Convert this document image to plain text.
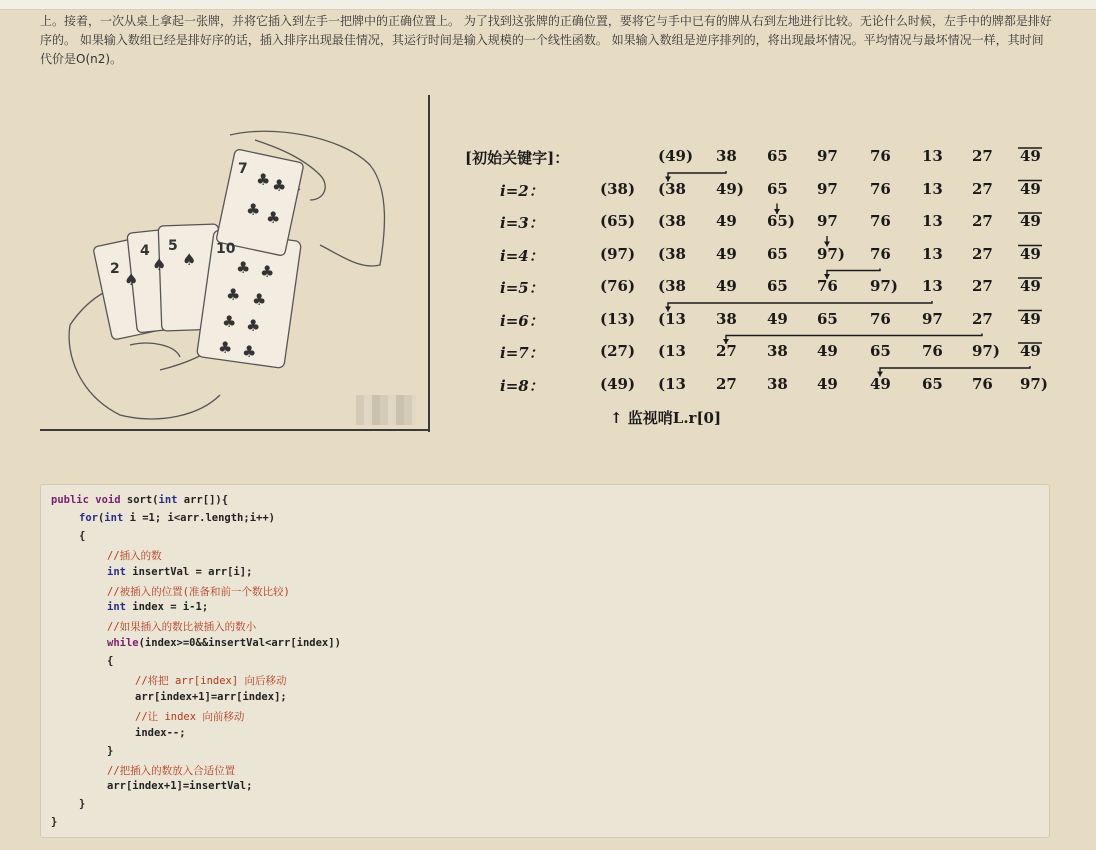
上。接着，一次从桌上拿起一张牌，并将它插入到左手一把牌中的正确位置上。 为了找到这张牌的正确位置，要将它与手中已有的牌从右到左地进行比较。无论什么时候，左手中的牌都是排好序的。 如果输入数组已经是排好序的话，插入排序出现最佳情况，其运行时间是输入规模的一个线性函数。 如果输入数组是逆序排列的，将出现最坏情况。平均情况与最坏情况一样，其时间代价是O(n2)。

2
4 5	10
7
♠
♠ ♠ ♣ ♣
♣ ♣
♣ ♣
♣ ♣
♣ ♣
♣ ♣
[初始关键字]：	(49) 38 65 97 76 13 27 49
i=2：	(38) (38 49) 65 97 76 13 27 49
i=3：	(65) (38 49 65) 97 76 13 27 49
i=4：	(97) (38 49 65 97) 76 13 27 49
i=5：	(76) (38 49 65 76 97) 13 27 49
i=6：	(13) (13 38 49 65 76 97 27 49
i=7：	(27) (13 27 38 49 65 76 97) 49
i=8：	(49) (13 27 38 49 49 65 76 97)
↑ 监视哨L.r[0]
public void sort(int arr[]){
for(int i =1; i<arr.length;i++)
{
//插入的数
int insertVal = arr[i];
//被插入的位置(准备和前一个数比较)
int index = i-1;
//如果插入的数比被插入的数小
while(index>=0&&insertVal<arr[index])
{
//将把 arr[index] 向后移动
arr[index+1]=arr[index];
//让 index 向前移动
index--;
}
//把插入的数放入合适位置
arr[index+1]=insertVal;
}
}
